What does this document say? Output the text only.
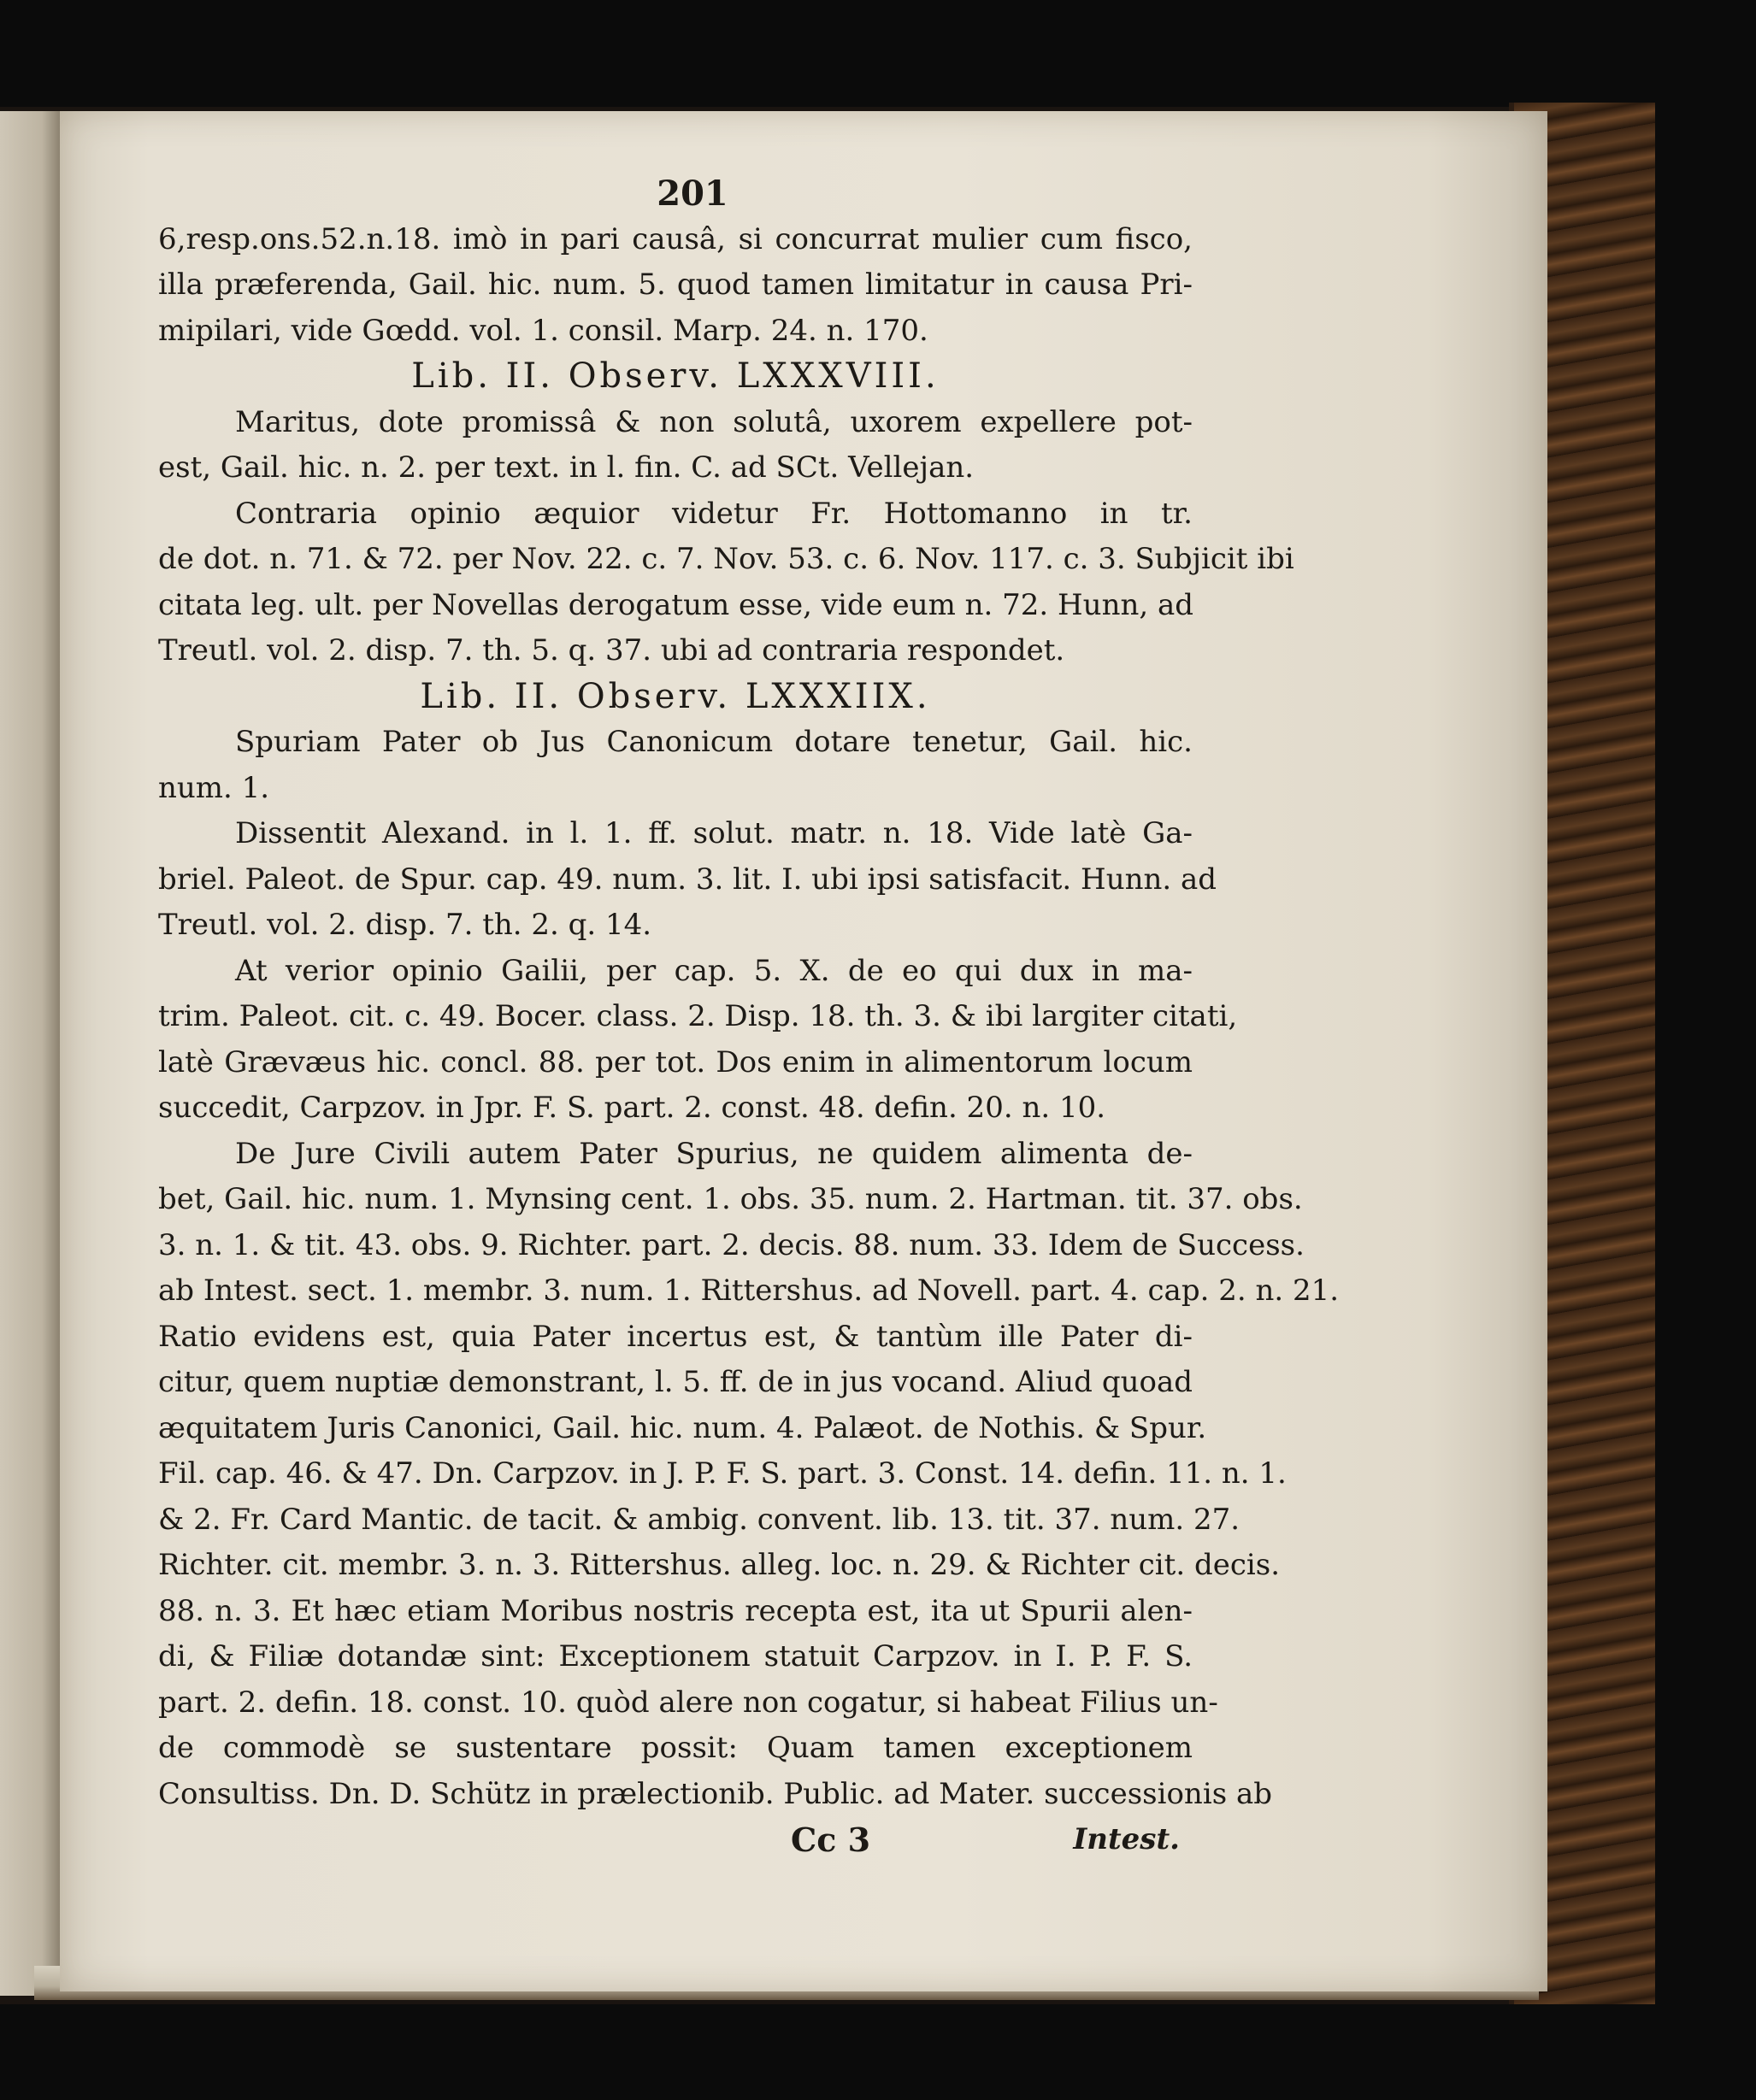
201
6,resp.ons.52.n.18. imò in pari causâ, si concurrat mulier cum fisco,
illa præferenda, Gail. hic. num. 5. quod tamen limitatur in causa Pri-
mipilari, vide Gœdd. vol. 1. consil. Marp. 24. n. 170.
Lib. II. Observ. LXXXVIII.
Maritus, dote promissâ & non solutâ, uxorem expellere pot-
est, Gail. hic. n. 2. per text. in l. fin. C. ad SCt. Vellejan.
Contraria opinio æquior videtur Fr. Hottomanno in tr.
de dot. n. 71. & 72. per Nov. 22. c. 7. Nov. 53. c. 6. Nov. 117. c. 3. Subjicit ibi
citata leg. ult. per Novellas derogatum esse, vide eum n. 72. Hunn, ad
Treutl. vol. 2. disp. 7. th. 5. q. 37. ubi ad contraria respondet.
Lib. II. Observ. LXXXIIX.
Spuriam Pater ob Jus Canonicum dotare tenetur, Gail. hic.
num. 1.
Dissentit Alexand. in l. 1. ff. solut. matr. n. 18. Vide latè Ga-
briel. Paleot. de Spur. cap. 49. num. 3. lit. I. ubi ipsi satisfacit. Hunn. ad
Treutl. vol. 2. disp. 7. th. 2. q. 14.
At verior opinio Gailii, per cap. 5. X. de eo qui dux in ma-
trim. Paleot. cit. c. 49. Bocer. class. 2. Disp. 18. th. 3. & ibi largiter citati,
latè Grævæus hic. concl. 88. per tot. Dos enim in alimentorum locum
succedit, Carpzov. in Jpr. F. S. part. 2. const. 48. defin. 20. n. 10.
De Jure Civili autem Pater Spurius, ne quidem alimenta de-
bet, Gail. hic. num. 1. Mynsing cent. 1. obs. 35. num. 2. Hartman. tit. 37. obs.
3. n. 1. & tit. 43. obs. 9. Richter. part. 2. decis. 88. num. 33. Idem de Success.
ab Intest. sect. 1. membr. 3. num. 1. Rittershus. ad Novell. part. 4. cap. 2. n. 21.
Ratio evidens est, quia Pater incertus est, & tantùm ille Pater di-
citur, quem nuptiæ demonstrant, l. 5. ff. de in jus vocand. Aliud quoad
æquitatem Juris Canonici, Gail. hic. num. 4. Palæot. de Nothis. & Spur.
Fil. cap. 46. & 47. Dn. Carpzov. in J. P. F. S. part. 3. Const. 14. defin. 11. n. 1.
& 2. Fr. Card Mantic. de tacit. & ambig. convent. lib. 13. tit. 37. num. 27.
Richter. cit. membr. 3. n. 3. Rittershus. alleg. loc. n. 29. & Richter cit. decis.
88. n. 3. Et hæc etiam Moribus nostris recepta est, ita ut Spurii alen-
di, & Filiæ dotandæ sint: Exceptionem statuit Carpzov. in I. P. F. S.
part. 2. defin. 18. const. 10. quòd alere non cogatur, si habeat Filius un-
de commodè se sustentare possit: Quam tamen exceptionem
Consultiss. Dn. D. Schütz in prælectionib. Public. ad Mater. successionis ab
Cc 3	Intest.
